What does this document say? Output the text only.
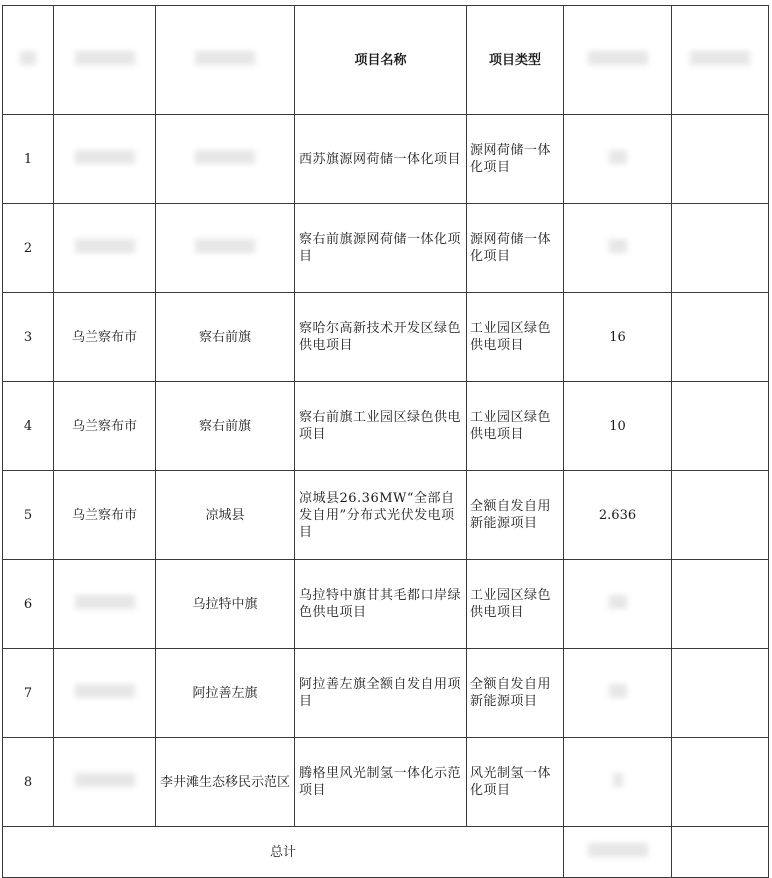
			项目名称	项目类型		
1			西苏旗源网荷储一体化项目	源网荷储一体化项目		
2			察右前旗源网荷储一体化项目	源网荷储一体化项目		
3	乌兰察布市	察右前旗	察哈尔高新技术开发区绿色供电项目	工业园区绿色供电项目	16	
4	乌兰察布市	察右前旗	察右前旗工业园区绿色供电项目	工业园区绿色供电项目	10	
5	乌兰察布市	凉城县	凉城县26.36MW“全部自发自用”分布式光伏发电项目	全额自发自用新能源项目	2.636	
6		乌拉特中旗	乌拉特中旗甘其毛都口岸绿色供电项目	工业园区绿色供电项目		
7		阿拉善左旗	阿拉善左旗全额自发自用项目	全额自发自用新能源项目		
8		李井滩生态移民示范区	腾格里风光制氢一体化示范项目	风光制氢一体化项目		
总计						
